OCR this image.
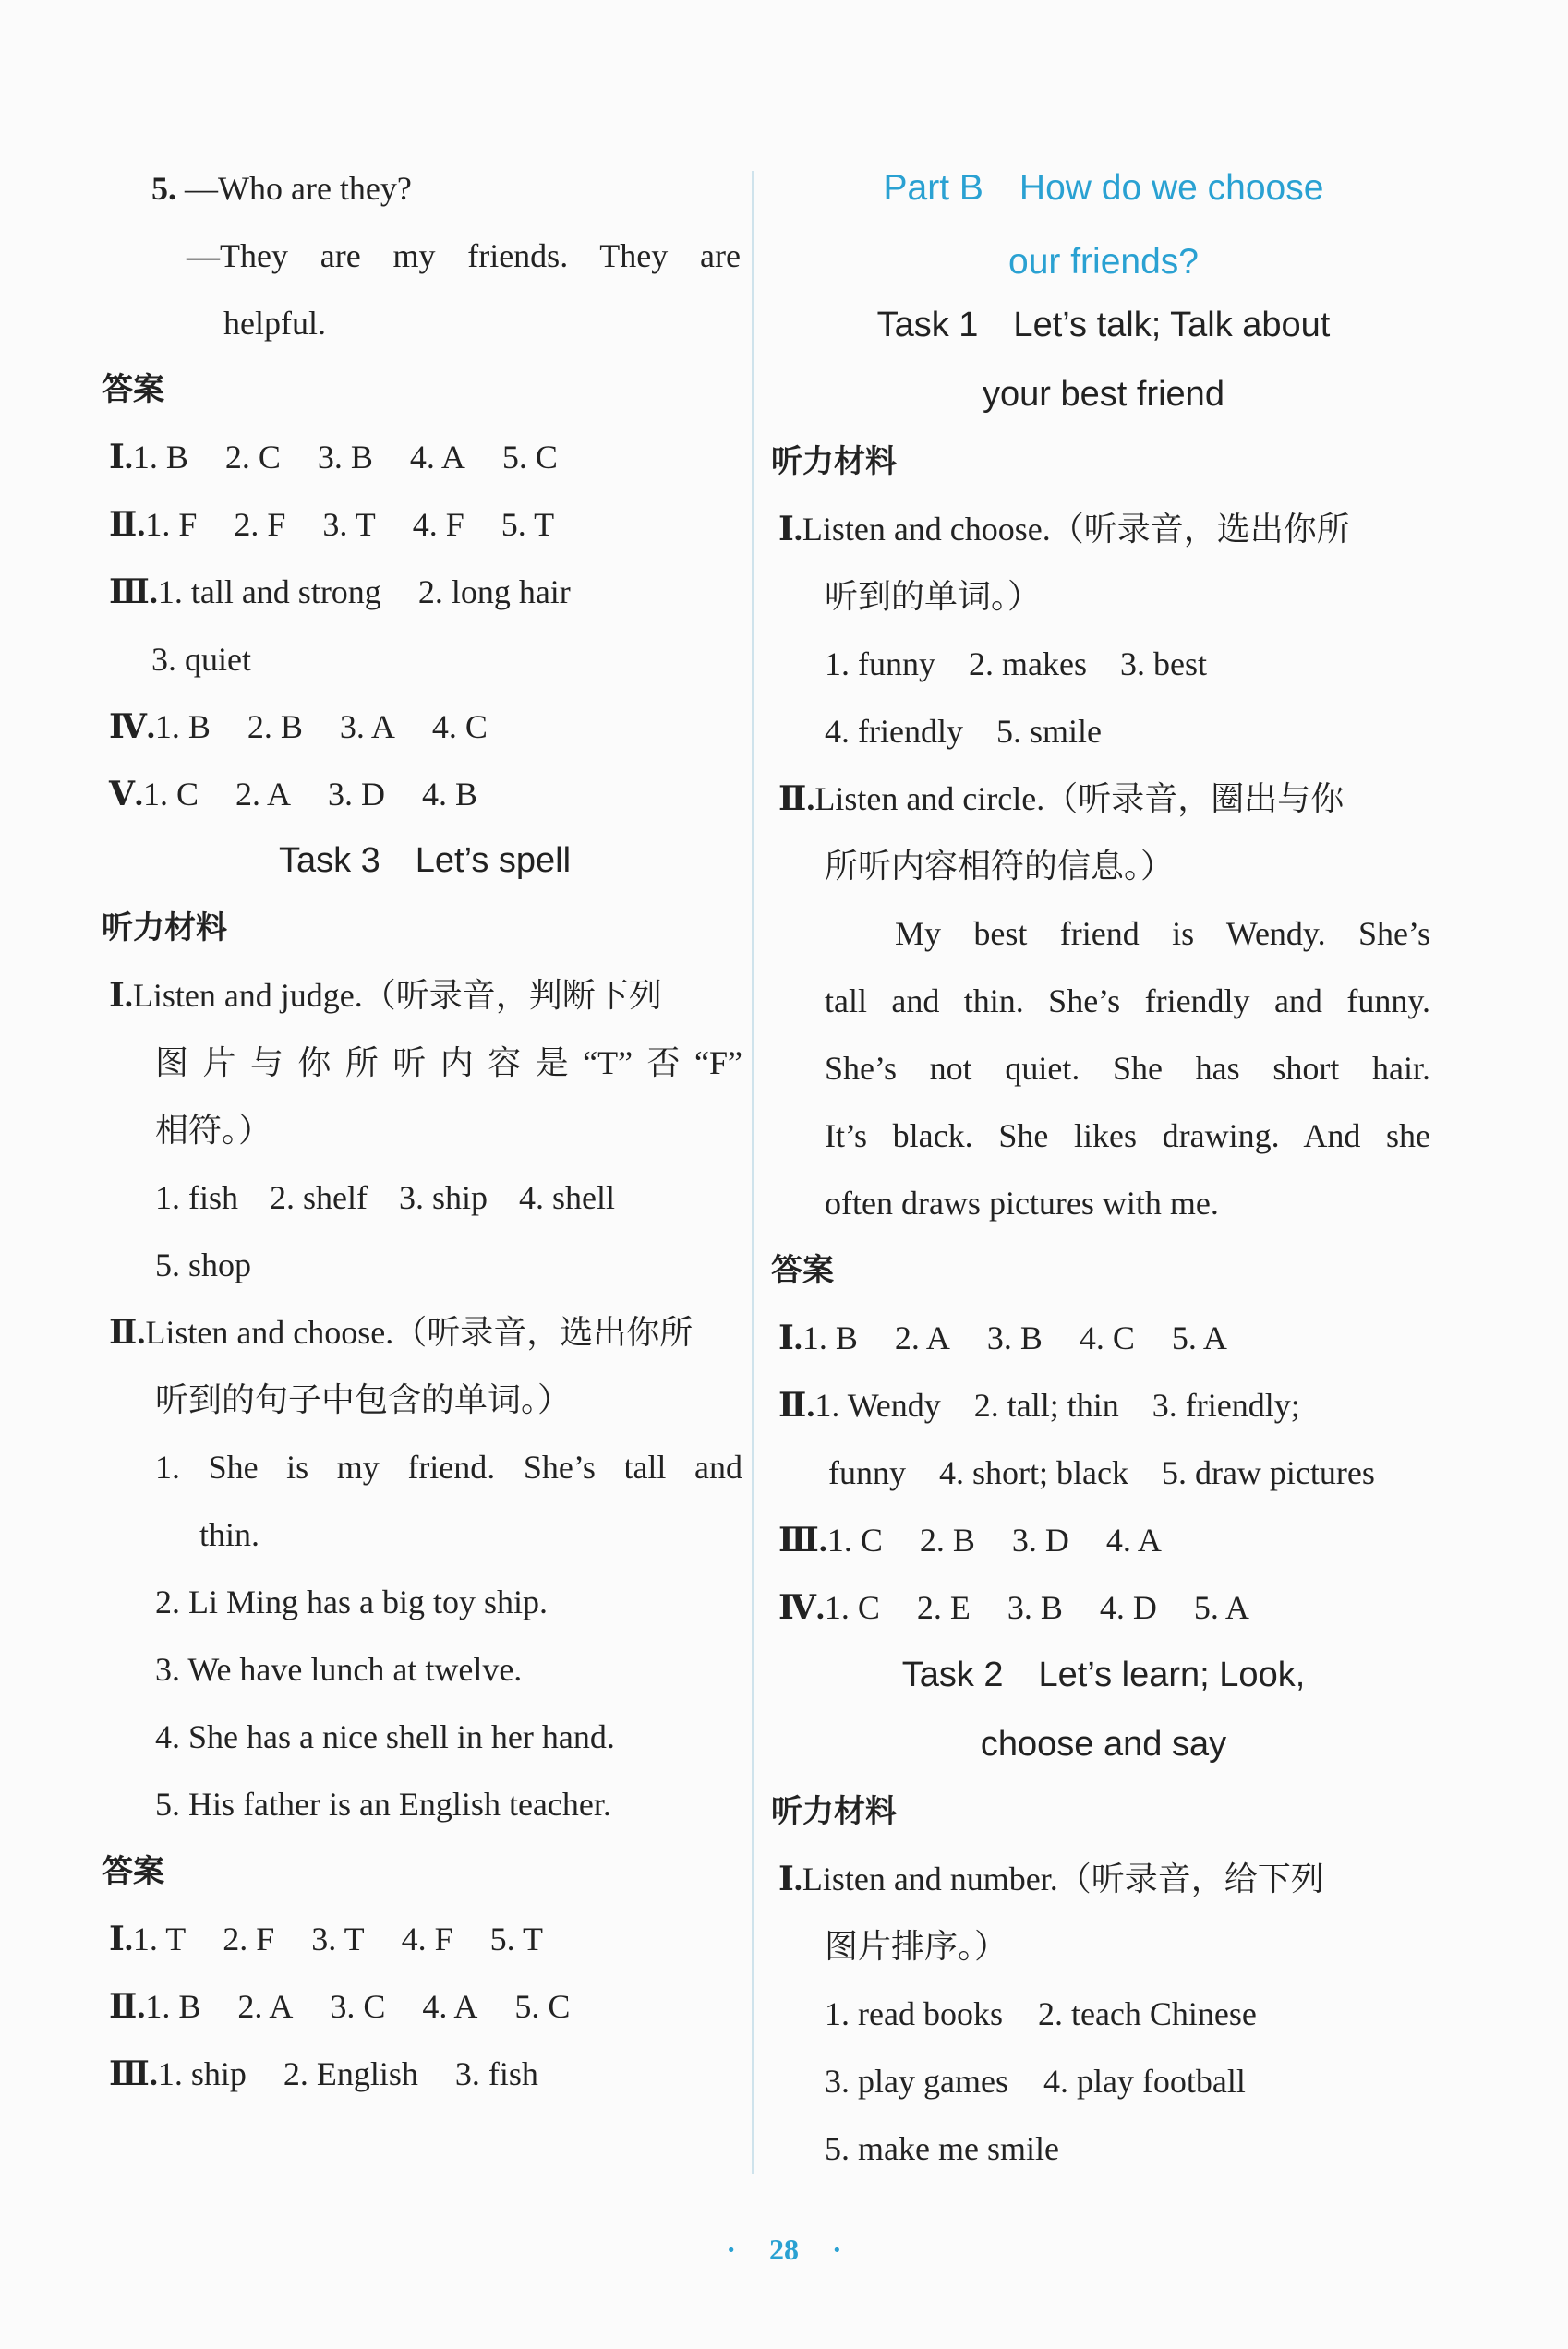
5. —Who are they?
—They are my friends. They are
helpful.
答案
Ⅰ.1. B 2. C 3. B 4. A 5. C
Ⅱ.1. F 2. F 3. T 4. F 5. T
Ⅲ.1. tall and strong 2. long hair
3. quiet
Ⅳ.1. B 2. B 3. A 4. C
Ⅴ.1. C 2. A 3. D 4. B
Task 3　Let’s spell
听力材料
Ⅰ.Listen and judge.（听录音，判断下列
图片与你所听内容是“T”否“F”
相符。）
1. fish 2. shelf 3. ship 4. shell
5. shop
Ⅱ.Listen and choose.（听录音，选出你所
听到的句子中包含的单词。）
1. She is my friend. She’s tall and
thin.
2. Li Ming has a big toy ship.
3. We have lunch at twelve.
4. She has a nice shell in her hand.
5. His father is an English teacher.
答案
Ⅰ.1. T 2. F 3. T 4. F 5. T
Ⅱ.1. B 2. A 3. C 4. A 5. C
Ⅲ.1. ship 2. English 3. fish
Part B　How do we choose
our friends?
Task 1　Let’s talk; Talk about
your best friend
听力材料
Ⅰ.Listen and choose.（听录音，选出你所
听到的单词。）
1. funny 2. makes 3. best
4. friendly 5. smile
Ⅱ.Listen and circle.（听录音，圈出与你
所听内容相符的信息。）
My best friend is Wendy. She’s
tall and thin. She’s friendly and funny.
She’s not quiet. She has short hair.
It’s black. She likes drawing. And she
often draws pictures with me.
答案
Ⅰ.1. B 2. A 3. B 4. C 5. A
Ⅱ.1. Wendy　2. tall; thin　3. friendly;
funny　4. short; black　5. draw pictures
Ⅲ.1. C 2. B 3. D 4. A
Ⅳ.1. C 2. E 3. B 4. D 5. A
Task 2　Let’s learn; Look,
choose and say
听力材料
Ⅰ.Listen and number.（听录音，给下列
图片排序。）
1. read books 2. teach Chinese
3. play games 4. play football
5. make me smile
· 28 ·
